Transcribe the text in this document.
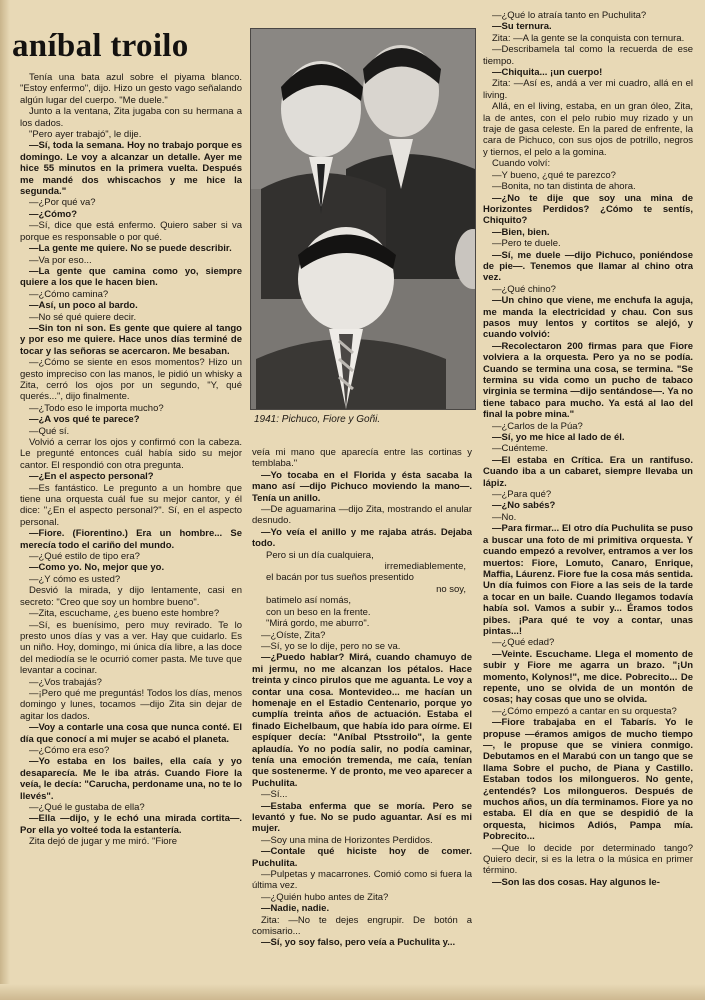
aníbal troilo

1941: Pichuco, Fiore y Goñi.

Tenía una bata azul sobre el piyama blanco. "Estoy enfermo", dijo. Hizo un gesto vago señalando algún lugar del cuerpo. "Me duele."

Junto a la ventana, Zita jugaba con su hermana a los dados.

"Pero ayer trabajó", le dije.

—Sí, toda la semana. Hoy no trabajo porque es domingo. Le voy a alcanzar un detalle. Ayer me hice 55 minutos en la primera vuelta. Después me mandé dos whiscachos y me hice la segunda."

—¿Por qué va?

—¿Cómo?

—Sí, dice que está enfermo. Quiero saber si va porque es responsable o por qué.

—La gente me quiere. No se puede describir.

—Va por eso...

—La gente que camina como yo, siempre quiere a los que le hacen bien.

—¿Cómo camina?

—Así, un poco al bardo.

—No sé qué quiere decir.

—Sin ton ni son. Es gente que quiere al tango y por eso me quiere. Hace unos días terminé de tocar y las señoras se acercaron. Me besaban.

—¿Cómo se siente en esos momentos? Hizo un gesto impreciso con las manos, le pidió un whisky a Zita, cerró los ojos por un segundo, "Y, qué querés...", dijo finalmente.

—¿Todo eso le importa mucho?

—¿A vos qué te parece?

—Qué sí.

Volvió a cerrar los ojos y confirmó con la cabeza. Le pregunté entonces cuál había sido su mejor cantor. El respondió con otra pregunta.

—¿En el aspecto personal?

—Es fantástico. Le pregunto a un hombre que tiene una orquesta cuál fue su mejor cantor, y él dice: "¿En el aspecto personal?". Sí, en el aspecto personal.

—Fiore. (Fiorentino.) Era un hombre... Se merecía todo el cariño del mundo.

—¿Qué estilo de tipo era?

—Como yo. No, mejor que yo.

—¿Y cómo es usted?

Desvió la mirada, y dijo lentamente, casi en secreto: "Creo que soy un hombre bueno".

—Zita, escuchame, ¿es bueno este hombre?

—Sí, es buenísimo, pero muy revirado. Te lo presto unos días y vas a ver. Hay que cuidarlo. Es un niño. Hoy, domingo, mi única día libre, a las doce del mediodía se le ocurrió comer pasta. Me tuve que levantar a cocinar.

—¿Vos trabajás?

—¡Pero qué me preguntás! Todos los días, menos domingo y lunes, tocamos —dijo Zita sin dejar de agitar los dados.

—Voy a contarle una cosa que nunca conté. El día que conocí a mi mujer se acabó el planeta.

—¿Cómo era eso?

—Yo estaba en los bailes, ella caía y yo desaparecía. Me le iba atrás. Cuando Fiore la veía, le decía: "Carucha, perdoname una, no te lo llevés".

—¿Qué le gustaba de ella?

—Ella —dijo, y le echó una mirada cortita—. Por ella yo volteé toda la estantería.

Zita dejó de jugar y me miró. "Fiore

veía mi mano que aparecía entre las cortinas y temblaba."

—Yo tocaba en el Florida y ésta sacaba la mano así —dijo Pichuco moviendo la mano—. Tenía un anillo.

—De aguamarina —dijo Zita, mostrando el anular desnudo.

—Yo veía el anillo y me rajaba atrás. Dejaba todo.

Pero si un día cualquiera,

irremediablemente,

el bacán por tus sueños presentido

no soy,

batimelo así nomás,

con un beso en la frente.

"Mirá gordo, me aburro".

—¿Oíste, Zita?

—Sí, yo se lo dije, pero no se va.

—¿Puedo hablar? Mirá, cuando chamuyo de mi jermu, no me alcanzan los pétalos. Hace treinta y cinco pirulos que me aguanta. Le voy a contar una cosa. Montevideo... me hacían un homenaje en el Estadio Centenario, porque yo cumplía treinta años de actuación. Estaba el finado Eichelbaum, que había ido para oírme. El espíquer decía: "Aníbal Ptsstroilo", la gente aplaudía. Yo no podía salir, no podía caminar, tenía una emoción tremenda, me caía, tenían que sostenerme. Y de pronto, me veo aparecer a Puchulita.

—Sí...

—Estaba enferma que se moría. Pero se levantó y fue. No se pudo aguantar. Así es mi mujer.

—Soy una mina de Horizontes Perdidos.

—Contale qué hiciste hoy de comer. Puchulita.

—Pulpetas y macarrones. Comió como si fuera la última vez.

—¿Quién hubo antes de Zita?

—Nadie, nadie.

Zita: —No te dejes engrupir. De botón a comisario...

—Sí, yo soy falso, pero veía a Puchulita y...

—¿Qué lo atraía tanto en Puchulita?

—Su ternura.

Zita: —A la gente se la conquista con ternura.

—Describamela tal como la recuerda de ese tiempo.

—Chiquita... ¡un cuerpo!

Zita: —Así es, andá a ver mi cuadro, allá en el living.

Allá, en el living, estaba, en un gran óleo, Zita, la de antes, con el pelo rubio muy rizado y un traje de gasa celeste. En la pared de enfrente, la cara de Pichuco, con sus ojos de potrillo, negros y tiernos, el pelo a la gomina.

Cuando volví:

—Y bueno, ¿qué te parezco?

—Bonita, no tan distinta de ahora.

—¿No te dije que soy una mina de Horizontes Perdidos? ¿Cómo te sentís, Chiquito?

—Bien, bien.

—Pero te duele.

—Sí, me duele —dijo Pichuco, poniéndose de pie—. Tenemos que llamar al chino otra vez.

—¿Qué chino?

—Un chino que viene, me enchufa la aguja, me manda la electricidad y chau. Con sus pasos muy lentos y cortitos se alejó, y cuando volvió:

—Recolectaron 200 firmas para que Fiore volviera a la orquesta. Pero ya no se podía. Cuando se termina una cosa, se termina. "Se termina su vida como un pucho de tabaco virginia se termina —dijo sentándose—. Ya no tiene tabaco para mucho. Ya está al lao del final la pobre mina."

—¿Carlos de la Púa?

—Sí, yo me hice al lado de él.

—Cuénteme.

—El estaba en Crítica. Era un rantifuso. Cuando iba a un cabaret, siempre llevaba un lápiz.

—¿Para qué?

—¿No sabés?

—No.

—Para firmar... El otro día Puchulita se puso a buscar una foto de mi primitiva orquesta. Y cuando empezó a revolver, entramos a ver los muertos: Fiore, Lomuto, Canaro, Enrique, Maffia, Láurenz. Fiore fue la cosa más sentida. Un día fuimos con Fiore a las seis de la tarde a tocar en un baile. Cuando llegamos todavía había sol. Vamos a subir y... Éramos todos pibes. ¡Para qué te voy a contar, unas pintas...!

—¿Qué edad?

—Veinte. Escuchame. Llega el momento de subir y Fiore me agarra un brazo. "¡Un momento, Kolynos!", me dice. Pobrecito... De repente, uno se olvida de un montón de cosas; hay cosas que uno se olvida.

—¿Cómo empezó a cantar en su orquesta?

—Fiore trabajaba en el Tabarís. Yo le propuse —éramos amigos de mucho tiempo—, le propuse que se viniera conmigo. Debutamos en el Marabú con un tango que se llama Sobre el pucho, de Piana y Castillo. Estaban todos los milongueros. No gente, ¿entendés? Los milongueros. Después de muchos años, un día terminamos. Fiore ya no estaba. El día en que se despidió de la orquesta, hicimos Adiós, Pampa mía. Pobrecito...

—Que lo decide por determinado tango? Quiero decir, si es la letra o la música en primer término.

—Son las dos cosas. Hay algunos le-
